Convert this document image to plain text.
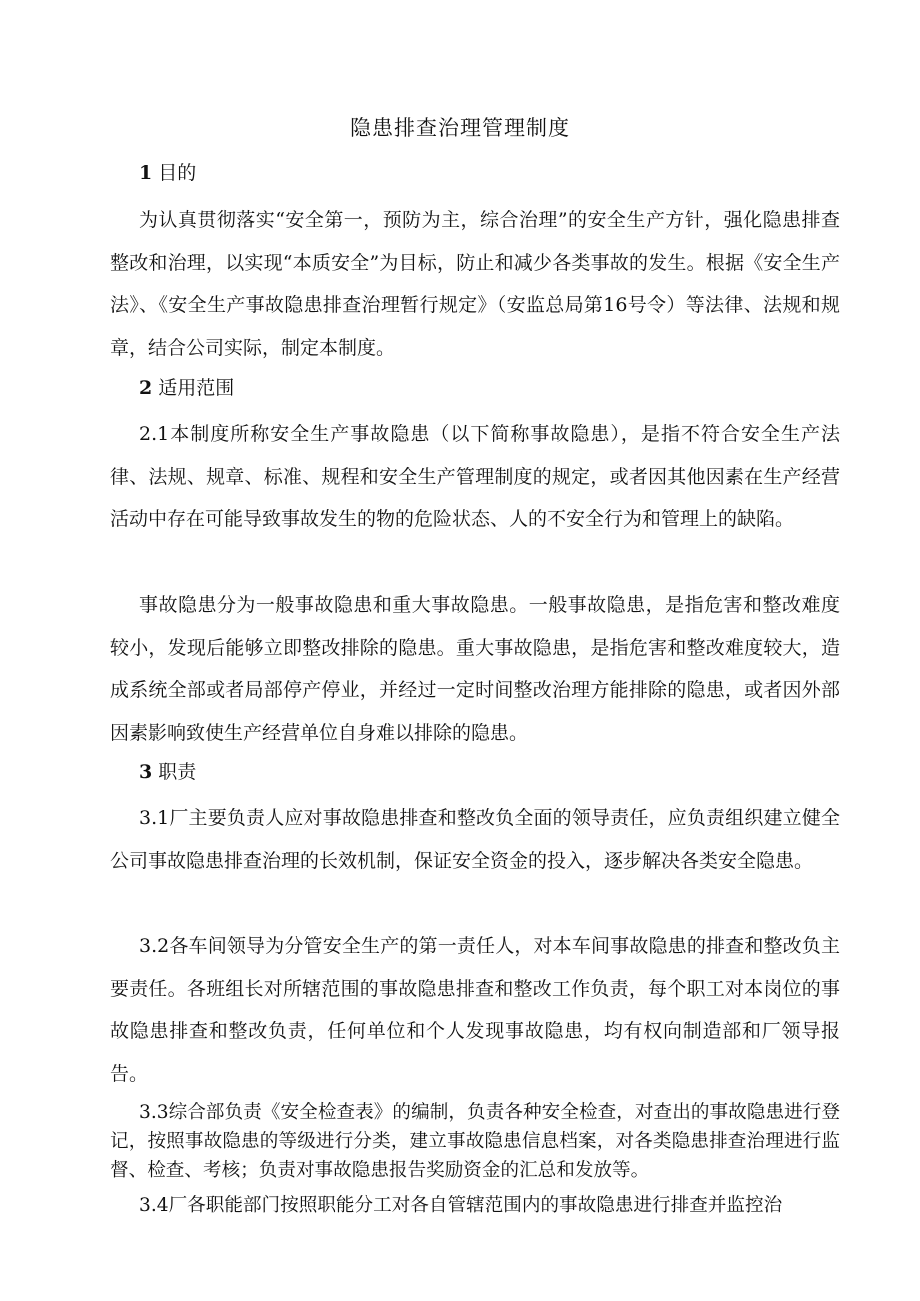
隐患排查治理管理制度
1 目的

为认真贯彻落实“安全第一，预防为主，综合治理”的安全生产方针，强化隐患排查整改和治理，以实现“本质安全”为目标，防止和减少各类事故的发生。根据《安全生产法》、《安全生产事故隐患排查治理暂行规定》（安监总局第16号令）等法律、法规和规章，结合公司实际，制定本制度。

2 适用范围

2.1本制度所称安全生产事故隐患（以下简称事故隐患），是指不符合安全生产法律、法规、规章、标准、规程和安全生产管理制度的规定，或者因其他因素在生产经营活动中存在可能导致事故发生的物的危险状态、人的不安全行为和管理上的缺陷。

事故隐患分为一般事故隐患和重大事故隐患。一般事故隐患，是指危害和整改难度较小，发现后能够立即整改排除的隐患。重大事故隐患，是指危害和整改难度较大，造成系统全部或者局部停产停业，并经过一定时间整改治理方能排除的隐患，或者因外部因素影响致使生产经营单位自身难以排除的隐患。

3 职责

3.1厂主要负责人应对事故隐患排查和整改负全面的领导责任，应负责组织建立健全公司事故隐患排查治理的长效机制，保证安全资金的投入，逐步解决各类安全隐患。

3.2各车间领导为分管安全生产的第一责任人，对本车间事故隐患的排查和整改负主要责任。各班组长对所辖范围的事故隐患排查和整改工作负责，每个职工对本岗位的事故隐患排查和整改负责，任何单位和个人发现事故隐患，均有权向制造部和厂领导报告。

3.3综合部负责《安全检查表》的编制，负责各种安全检查，对查出的事故隐患进行登记，按照事故隐患的等级进行分类，建立事故隐患信息档案，对各类隐患排查治理进行监督、检查、考核；负责对事故隐患报告奖励资金的汇总和发放等。

3.4厂各职能部门按照职能分工对各自管辖范围内的事故隐患进行排查并监控治
